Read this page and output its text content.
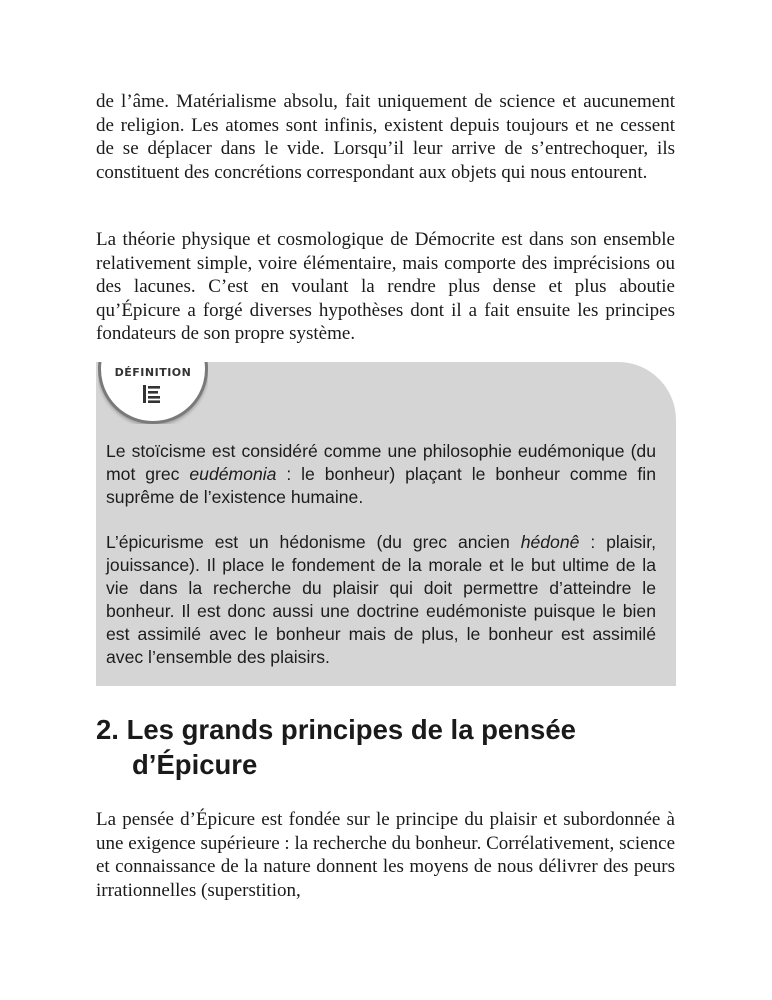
de l’âme. Matérialisme absolu, fait uniquement de science et aucunement de religion. Les atomes sont infinis, existent depuis toujours et ne cessent de se déplacer dans le vide. Lorsqu’il leur arrive de s’entrechoquer, ils constituent des concrétions correspondant aux objets qui nous entourent.

La théorie physique et cosmologique de Démocrite est dans son ensemble relativement simple, voire élémentaire, mais comporte des imprécisions ou des lacunes. C’est en voulant la rendre plus dense et plus aboutie qu’Épicure a forgé diverses hypothèses dont il a fait ensuite les principes fondateurs de son propre système.

DÉFINITION

Le stoïcisme est considéré comme une philosophie eudémonique (du mot grec eudémonia : le bonheur) plaçant le bonheur comme fin suprême de l’existence humaine.

L’épicurisme est un hédonisme (du grec ancien hédonê : plaisir, jouissance). Il place le fondement de la morale et le but ultime de la vie dans la recherche du plaisir qui doit permettre d’atteindre le bonheur. Il est donc aussi une doctrine eudémoniste puisque le bien est assimilé avec le bonheur mais de plus, le bonheur est assimilé avec l’ensemble des plaisirs.

2. Les grands principes de la pensée
d’Épicure

La pensée d’Épicure est fondée sur le principe du plaisir et subordonnée à une exigence supérieure : la recherche du bonheur. Corrélativement, science et connaissance de la nature donnent les moyens de nous délivrer des peurs irrationnelles (superstition,
